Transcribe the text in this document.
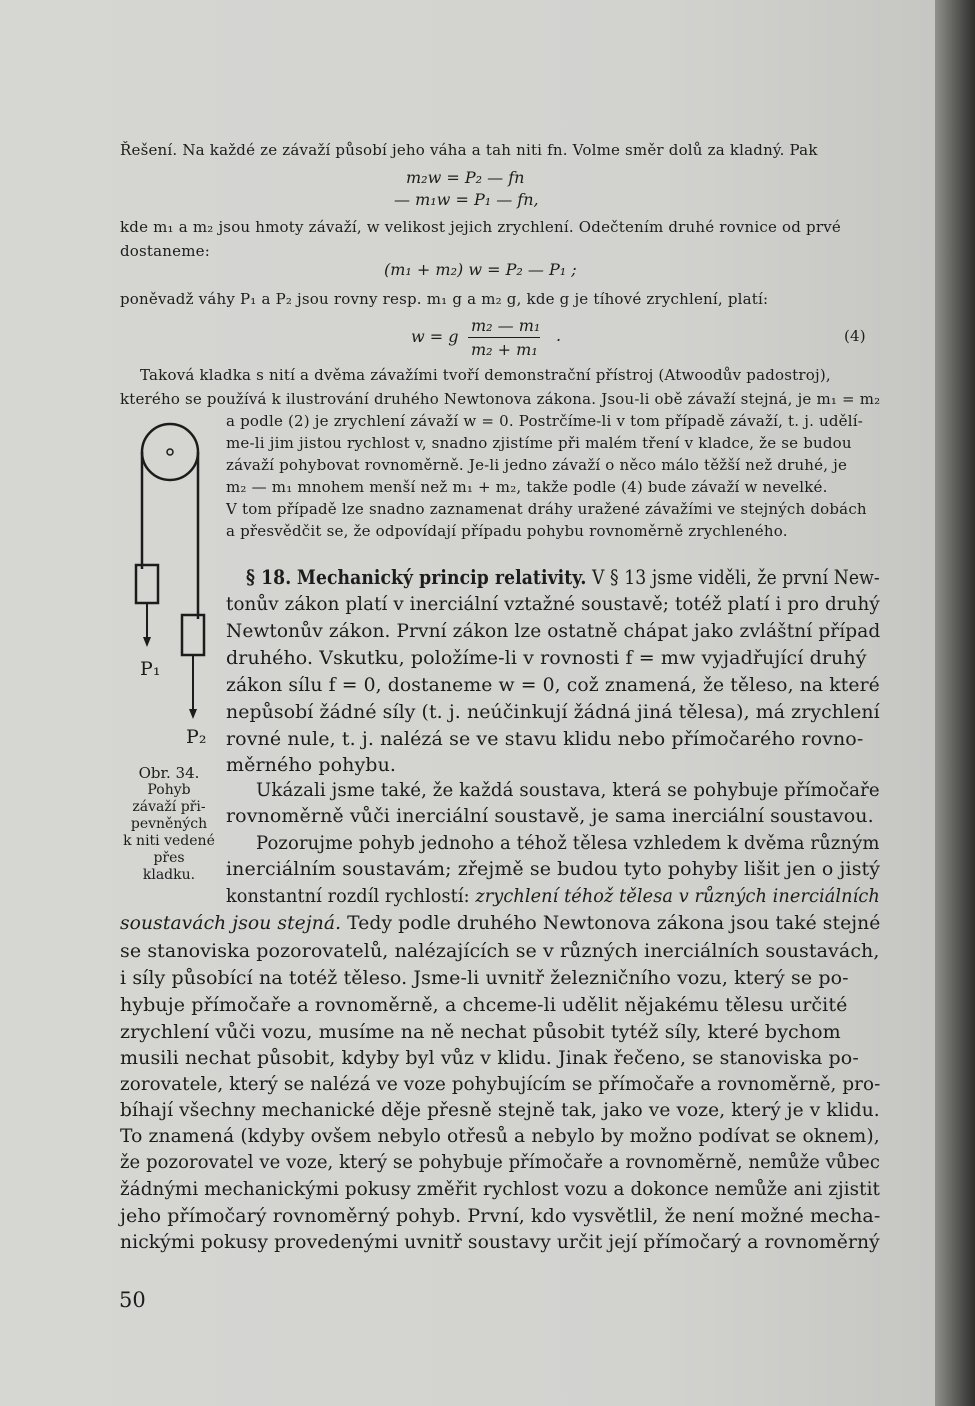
Řešení. Na každé ze závaží působí jeho váha a tah niti fn. Volme směr dolů za kladný. Pak
m₂w = P₂ — fn
— m₁w = P₁ — fn,
kde m₁ a m₂ jsou hmoty závaží, w velikost jejich zrychlení. Odečtením druhé rovnice od prvé
dostaneme:
(m₁ + m₂) w = P₂ — P₁ ;
poněvadž váhy P₁ a P₂ jsou rovny resp. m₁ g a m₂ g, kde g je tíhové zrychlení, platí:
w = g
m₂ — m₁
m₂ + m₁
.	(4)
Taková kladka s nití a dvěma závažími tvoří demonstrační přístroj (Atwoodův padostroj),
kterého se používá k ilustrování druhého Newtonova zákona. Jsou-li obě závaží stejná, je m₁ = m₂
a podle (2) je zrychlení závaží w = 0. Postrčíme-li v tom případě závaží, t. j. udělí-
me-li jim jistou rychlost v, snadno zjistíme při malém tření v kladce, že se budou
závaží pohybovat rovnoměrně. Je-li jedno závaží o něco málo těžší než druhé, je
m₂ — m₁ mnohem menší než m₁ + m₂, takže podle (4) bude závaží w nevelké.
V tom případě lze snadno zaznamenat dráhy uražené závažími ve stejných dobách
a přesvědčit se, že odpovídají případu pohybu rovnoměrně zrychleného.
P₁
P₂
Obr. 34.
Pohyb
závaží při-
pevněných
k niti vedené
přes
kladku.
§ 18. Mechanický princip relativity. V § 13 jsme viděli, že první New-
tonův zákon platí v inerciální vztažné soustavě; totéž platí i pro druhý
Newtonův zákon. První zákon lze ostatně chápat jako zvláštní případ
druhého. Vskutku, položíme-li v rovnosti f = mw vyjadřující druhý
zákon sílu f = 0, dostaneme w = 0, což znamená, že těleso, na které
nepůsobí žádné síly (t. j. neúčinkují žádná jiná tělesa), má zrychlení
rovné nule, t. j. nalézá se ve stavu klidu nebo přímočarého rovno-
měrného pohybu.
Ukázali jsme také, že každá soustava, která se pohybuje přímočaře
rovnoměrně vůči inerciální soustavě, je sama inerciální soustavou.
Pozorujme pohyb jednoho a téhož tělesa vzhledem k dvěma různým
inerciálním soustavám; zřejmě se budou tyto pohyby lišit jen o jistý
konstantní rozdíl rychlostí: zrychlení téhož tělesa v různých inerciálních
soustavách jsou stejná. Tedy podle druhého Newtonova zákona jsou také stejné
se stanoviska pozorovatelů, nalézajících se v různých inerciálních soustavách,
i síly působící na totéž těleso. Jsme-li uvnitř železničního vozu, který se po-
hybuje přímočaře a rovnoměrně, a chceme-li udělit nějakému tělesu určité
zrychlení vůči vozu, musíme na ně nechat působit tytéž síly, které bychom
musili nechat působit, kdyby byl vůz v klidu. Jinak řečeno, se stanoviska po-
zorovatele, který se nalézá ve voze pohybujícím se přímočaře a rovnoměrně, pro-
bíhají všechny mechanické děje přesně stejně tak, jako ve voze, který je v klidu.
To znamená (kdyby ovšem nebylo otřesů a nebylo by možno podívat se oknem),
že pozorovatel ve voze, který se pohybuje přímočaře a rovnoměrně, nemůže vůbec
žádnými mechanickými pokusy změřit rychlost vozu a dokonce nemůže ani zjistit
jeho přímočarý rovnoměrný pohyb. První, kdo vysvětlil, že není možné mecha-
nickými pokusy provedenými uvnitř soustavy určit její přímočarý a rovnoměrný
50
